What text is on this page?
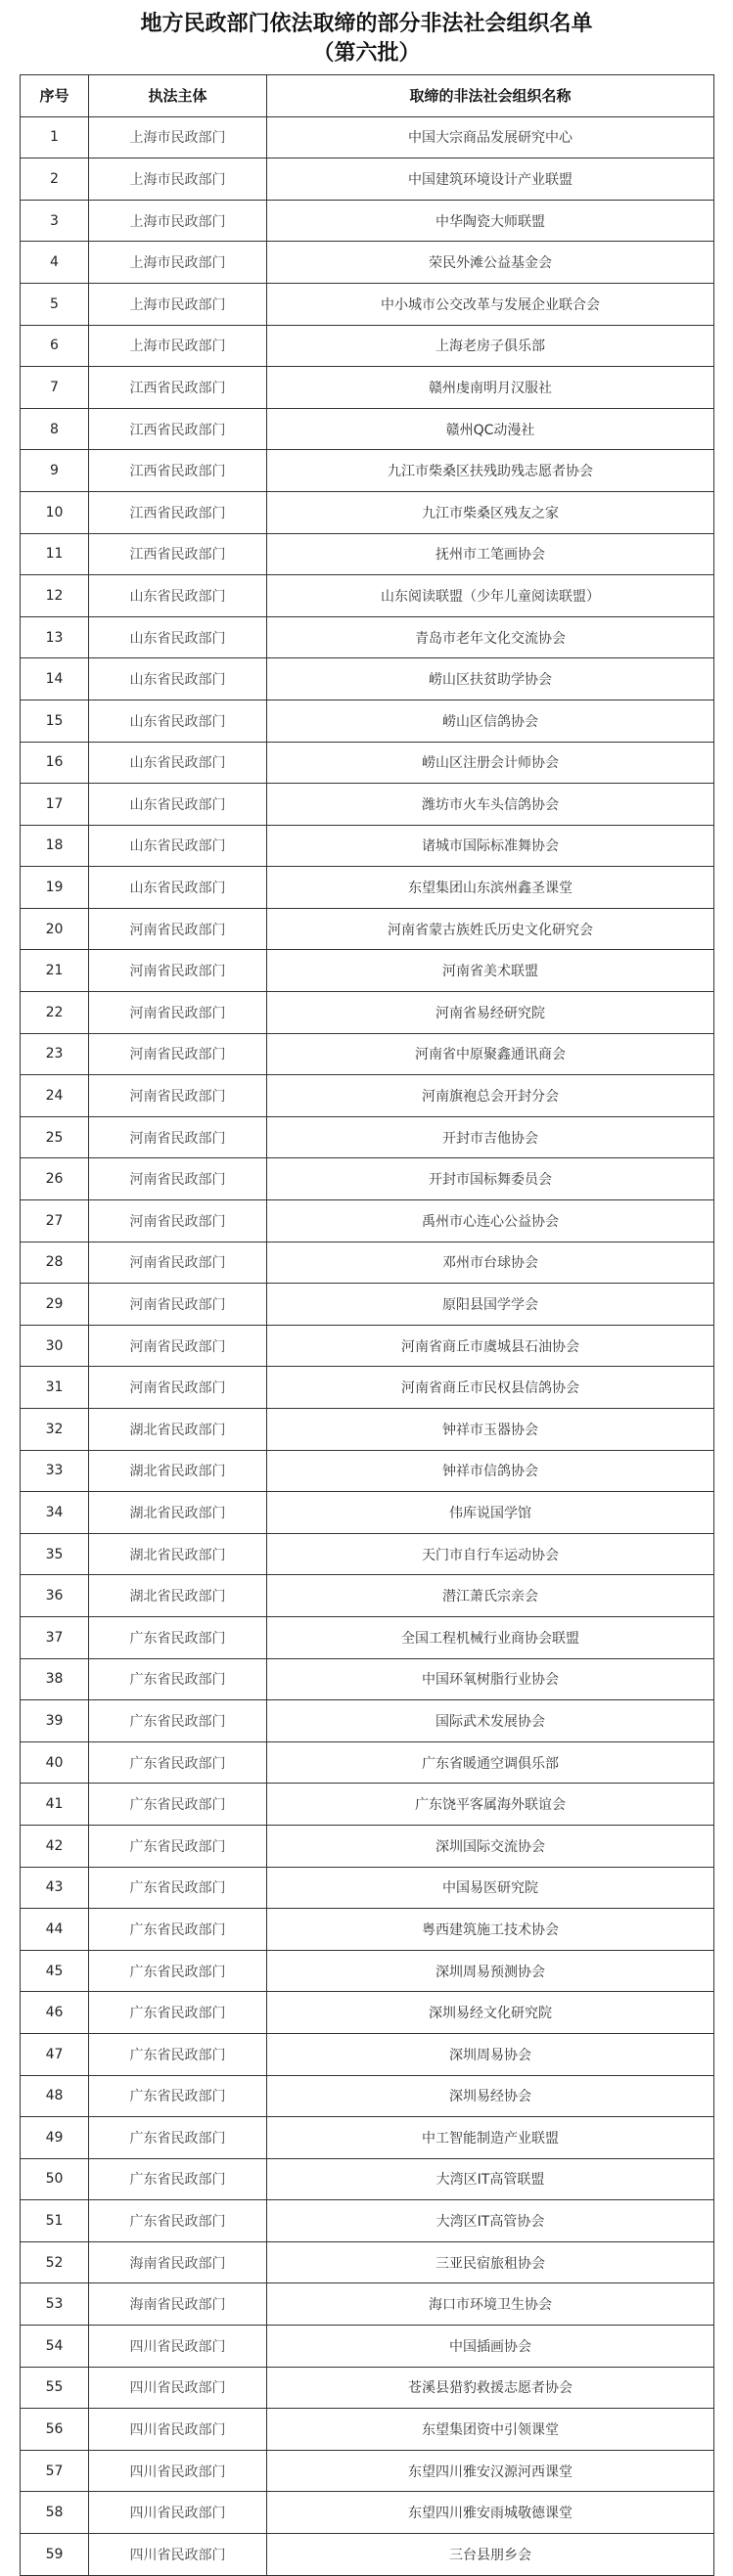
地方民政部门依法取缔的部分非法社会组织名单
（第六批）
序号	执法主体	取缔的非法社会组织名称
1	上海市民政部门	中国大宗商品发展研究中心
2	上海市民政部门	中国建筑环境设计产业联盟
3	上海市民政部门	中华陶瓷大师联盟
4	上海市民政部门	荣民外滩公益基金会
5	上海市民政部门	中小城市公交改革与发展企业联合会
6	上海市民政部门	上海老房子俱乐部
7	江西省民政部门	赣州虔南明月汉服社
8	江西省民政部门	赣州QC动漫社
9	江西省民政部门	九江市柴桑区扶残助残志愿者协会
10	江西省民政部门	九江市柴桑区残友之家
11	江西省民政部门	抚州市工笔画协会
12	山东省民政部门	山东阅读联盟（少年儿童阅读联盟）
13	山东省民政部门	青岛市老年文化交流协会
14	山东省民政部门	崂山区扶贫助学协会
15	山东省民政部门	崂山区信鸽协会
16	山东省民政部门	崂山区注册会计师协会
17	山东省民政部门	潍坊市火车头信鸽协会
18	山东省民政部门	诸城市国际标准舞协会
19	山东省民政部门	东望集团山东滨州鑫圣课堂
20	河南省民政部门	河南省蒙古族姓氏历史文化研究会
21	河南省民政部门	河南省美术联盟
22	河南省民政部门	河南省易经研究院
23	河南省民政部门	河南省中原聚鑫通讯商会
24	河南省民政部门	河南旗袍总会开封分会
25	河南省民政部门	开封市吉他协会
26	河南省民政部门	开封市国标舞委员会
27	河南省民政部门	禹州市心连心公益协会
28	河南省民政部门	邓州市台球协会
29	河南省民政部门	原阳县国学学会
30	河南省民政部门	河南省商丘市虞城县石油协会
31	河南省民政部门	河南省商丘市民权县信鸽协会
32	湖北省民政部门	钟祥市玉器协会
33	湖北省民政部门	钟祥市信鸽协会
34	湖北省民政部门	伟库说国学馆
35	湖北省民政部门	天门市自行车运动协会
36	湖北省民政部门	潜江萧氏宗亲会
37	广东省民政部门	全国工程机械行业商协会联盟
38	广东省民政部门	中国环氧树脂行业协会
39	广东省民政部门	国际武术发展协会
40	广东省民政部门	广东省暖通空调俱乐部
41	广东省民政部门	广东饶平客属海外联谊会
42	广东省民政部门	深圳国际交流协会
43	广东省民政部门	中国易医研究院
44	广东省民政部门	粤西建筑施工技术协会
45	广东省民政部门	深圳周易预测协会
46	广东省民政部门	深圳易经文化研究院
47	广东省民政部门	深圳周易协会
48	广东省民政部门	深圳易经协会
49	广东省民政部门	中工智能制造产业联盟
50	广东省民政部门	大湾区IT高管联盟
51	广东省民政部门	大湾区IT高管协会
52	海南省民政部门	三亚民宿旅租协会
53	海南省民政部门	海口市环境卫生协会
54	四川省民政部门	中国插画协会
55	四川省民政部门	苍溪县猎豹救援志愿者协会
56	四川省民政部门	东望集团资中引领课堂
57	四川省民政部门	东望四川雅安汉源河西课堂
58	四川省民政部门	东望四川雅安雨城敬德课堂
59	四川省民政部门	三台县朋乡会
